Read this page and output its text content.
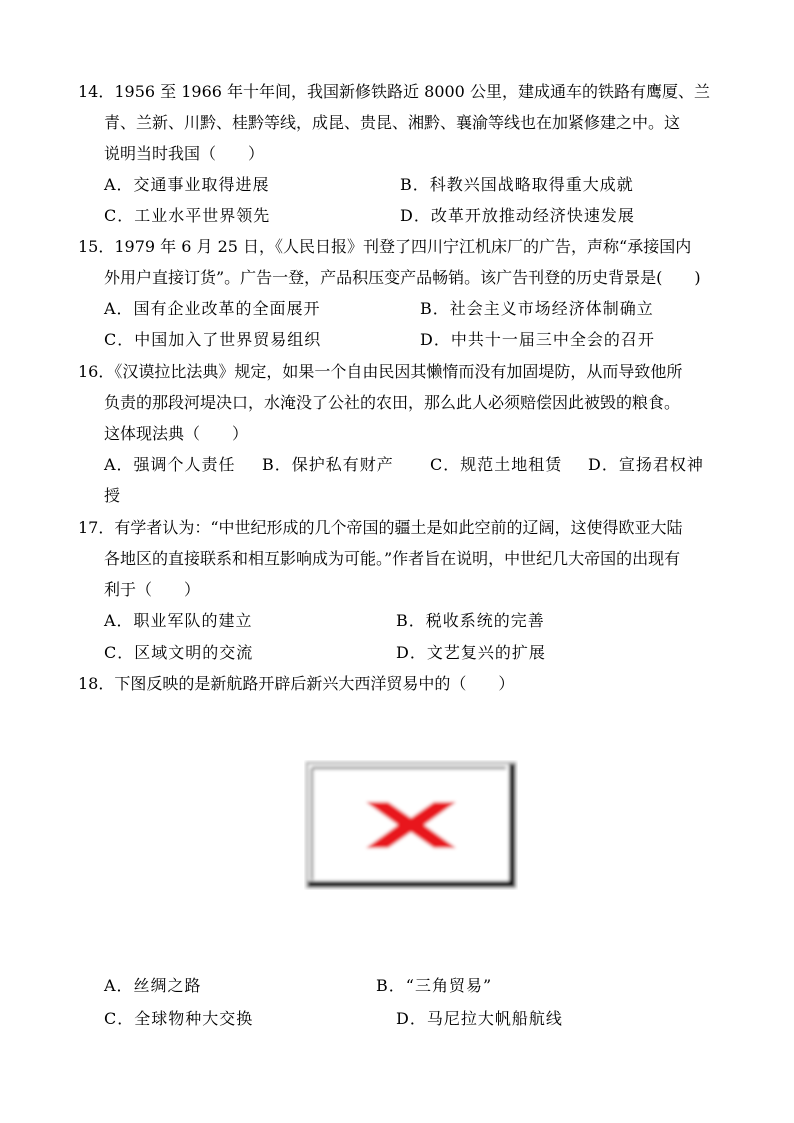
14．1956 至 1966 年十年间，我国新修铁路近 8000 公里，建成通车的铁路有鹰厦、兰
青、兰新、川黔、桂黔等线，成昆、贵昆、湘黔、襄渝等线也在加紧修建之中。这
说明当时我国（　　）
A．交通事业取得进展	B．科教兴国战略取得重大成就
C．工业水平世界领先	D．改革开放推动经济快速发展
15．1979 年 6 月 25 日，《人民日报》刊登了四川宁江机床厂的广告，声称“承接国内
外用户直接订货”。广告一登，产品积压变产品畅销。该广告刊登的历史背景是(　　)
A．国有企业改革的全面展开	B．社会主义市场经济体制确立
C．中国加入了世界贸易组织	D．中共十一届三中全会的召开
16．《汉谟拉比法典》规定，如果一个自由民因其懒惰而没有加固堤防，从而导致他所
负责的那段河堤决口，水淹没了公社的农田，那么此人必须赔偿因此被毁的粮食。
这体现法典（　　）
A．强调个人责任 B．保护私有财产 C．规范土地租赁 D．宣扬君权神
授
17．有学者认为：“中世纪形成的几个帝国的疆土是如此空前的辽阔，这使得欧亚大陆
各地区的直接联系和相互影响成为可能。”作者旨在说明，中世纪几大帝国的出现有
利于（　　）
A．职业军队的建立	B．税收系统的完善
C．区域文明的交流	D．文艺复兴的扩展
18．下图反映的是新航路开辟后新兴大西洋贸易中的（　　）
A．丝绸之路	B．“三角贸易”
C．全球物种大交换	D．马尼拉大帆船航线
